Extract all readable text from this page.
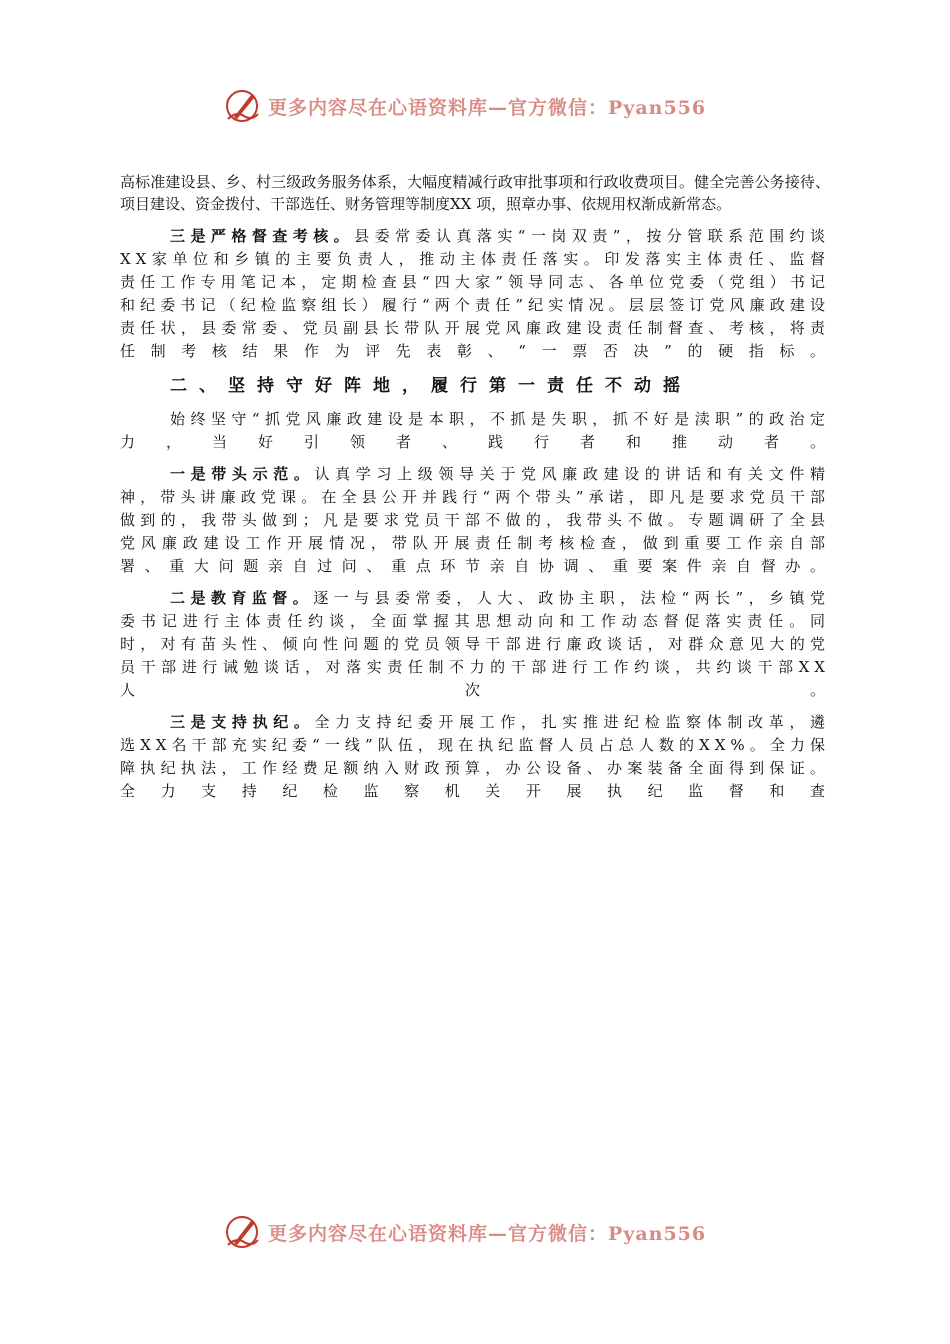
更多内容尽在心语资料库—官方微信：Pyan556

高标准建设县、乡、村三级政务服务体系，大幅度精减行政审批事项和行政收费项目。健全完善公务接待、项目建设、资金拨付、干部选任、财务管理等制度XX 项，照章办事、依规用权渐成新常态。

三是严格督查考核。县委常委认真落实“一岗双责”，按分管联系范围约谈XX家单位和乡镇的主要负责人，推动主体责任落实。印发落实主体责任、监督责任工作专用笔记本，定期检查县“四大家”领导同志、各单位党委（党组）书记和纪委书记（纪检监察组长）履行“两个责任”纪实情况。层层签订党风廉政建设责任状，县委常委、党员副县长带队开展党风廉政建设责任制督查、考核，将责任制考核结果作为评先表彰、“一票否决”的硬指标。

二、坚持守好阵地，履行第一责任不动摇

始终坚守“抓党风廉政建设是本职，不抓是失职，抓不好是渎职”的政治定力，当好引领者、践行者和推动者。

一是带头示范。认真学习上级领导关于党风廉政建设的讲话和有关文件精神，带头讲廉政党课。在全县公开并践行“两个带头”承诺，即凡是要求党员干部做到的，我带头做到；凡是要求党员干部不做的，我带头不做。专题调研了全县党风廉政建设工作开展情况，带队开展责任制考核检查，做到重要工作亲自部署、重大问题亲自过问、重点环节亲自协调、重要案件亲自督办。

二是教育监督。逐一与县委常委，人大、政协主职，法检“两长”，乡镇党委书记进行主体责任约谈，全面掌握其思想动向和工作动态督促落实责任。同时，对有苗头性、倾向性问题的党员领导干部进行廉政谈话，对群众意见大的党员干部进行诫勉谈话，对落实责任制不力的干部进行工作约谈，共约谈干部XX人次。

三是支持执纪。全力支持纪委开展工作，扎实推进纪检监察体制改革，遴选XX名干部充实纪委“一线”队伍，现在执纪监督人员占总人数的XX%。全力保障执纪执法，工作经费足额纳入财政预算，办公设备、办案装备全面得到保证。全力支持纪检监察机关开展执纪监督和查

更多内容尽在心语资料库—官方微信：Pyan556
